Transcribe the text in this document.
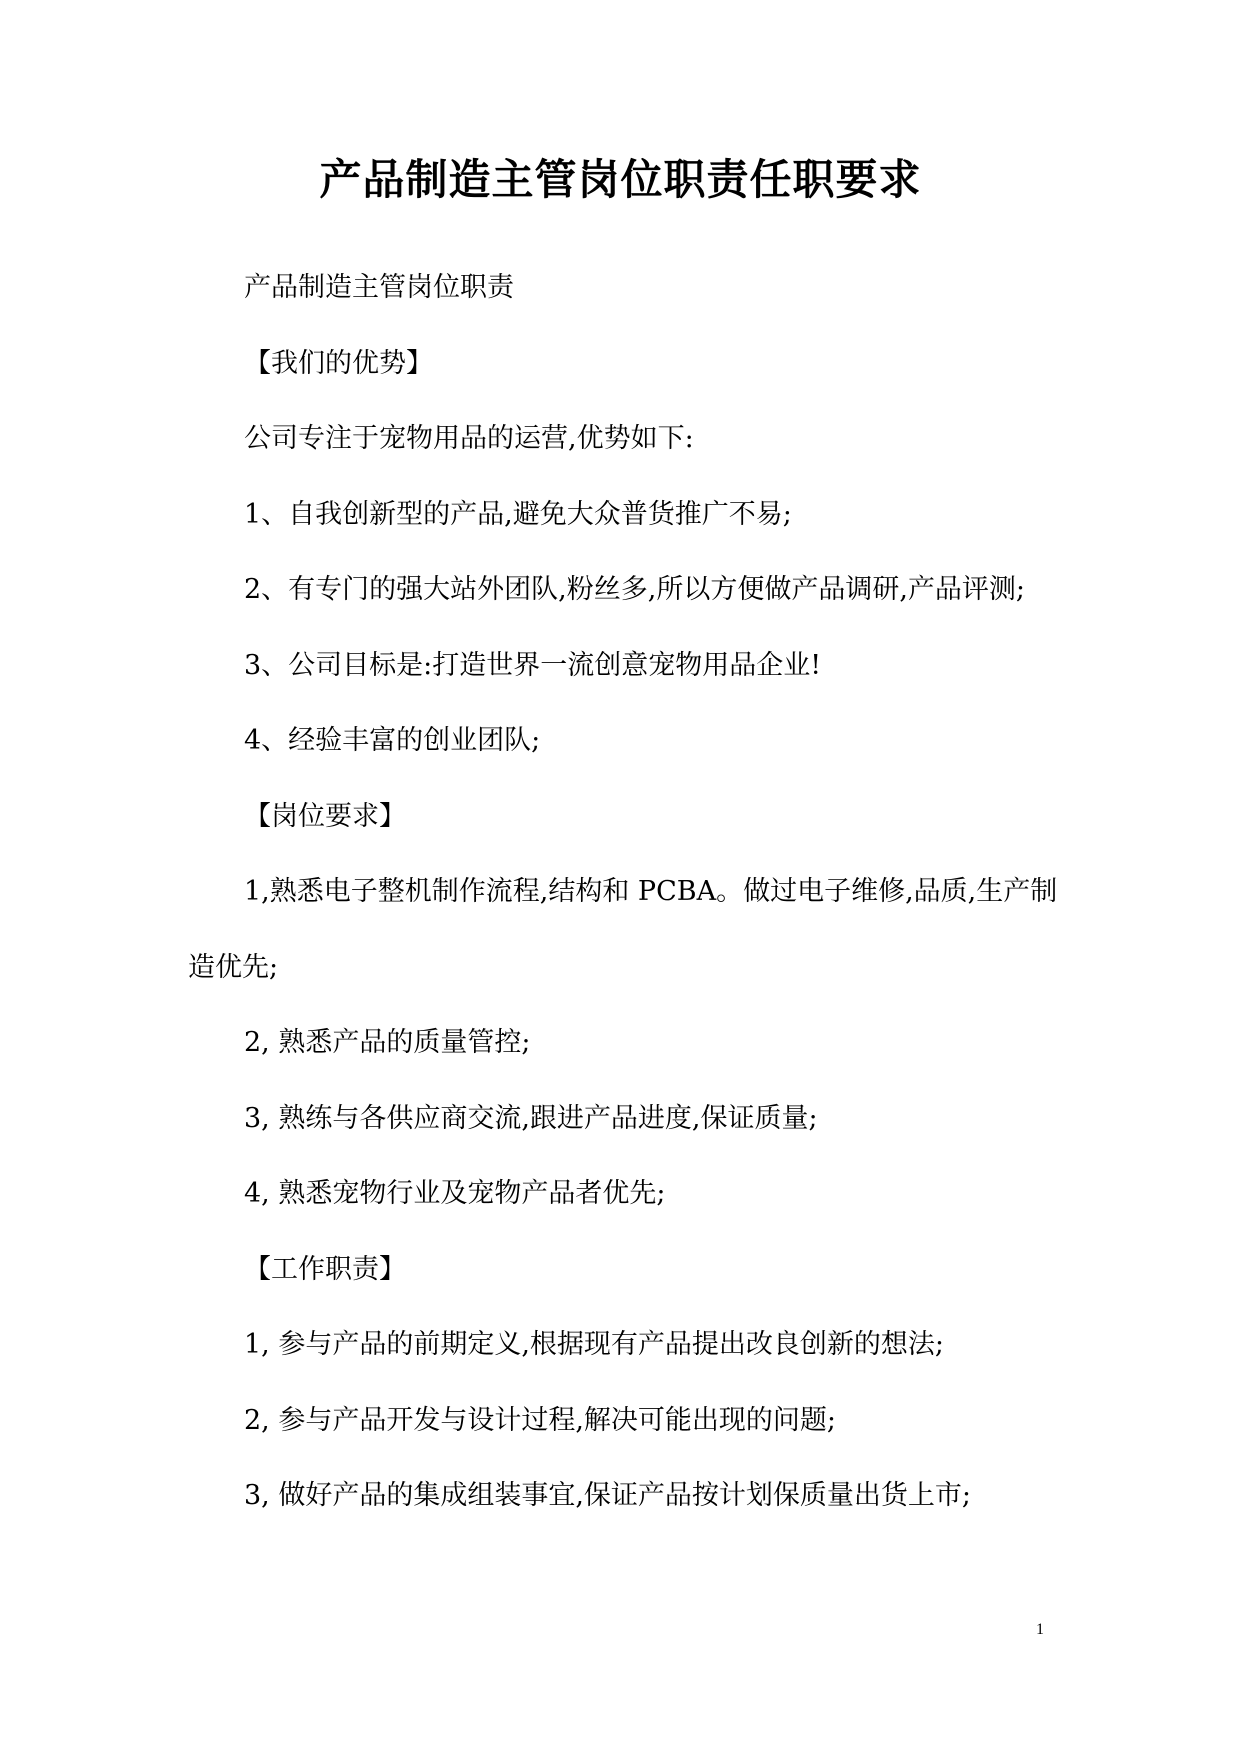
产品制造主管岗位职责任职要求

产品制造主管岗位职责

【我们的优势】

公司专注于宠物用品的运营,优势如下:

1、自我创新型的产品,避免大众普货推广不易;

2、有专门的强大站外团队,粉丝多,所以方便做产品调研,产品评测;

3、公司目标是:打造世界一流创意宠物用品企业!

4、经验丰富的创业团队;

【岗位要求】

1,熟悉电子整机制作流程,结构和 PCBA。做过电子维修,品质,生产制造优先;

2, 熟悉产品的质量管控;

3, 熟练与各供应商交流,跟进产品进度,保证质量;

4, 熟悉宠物行业及宠物产品者优先;

【工作职责】

1, 参与产品的前期定义,根据现有产品提出改良创新的想法;

2, 参与产品开发与设计过程,解决可能出现的问题;

3, 做好产品的集成组装事宜,保证产品按计划保质量出货上市;

1
